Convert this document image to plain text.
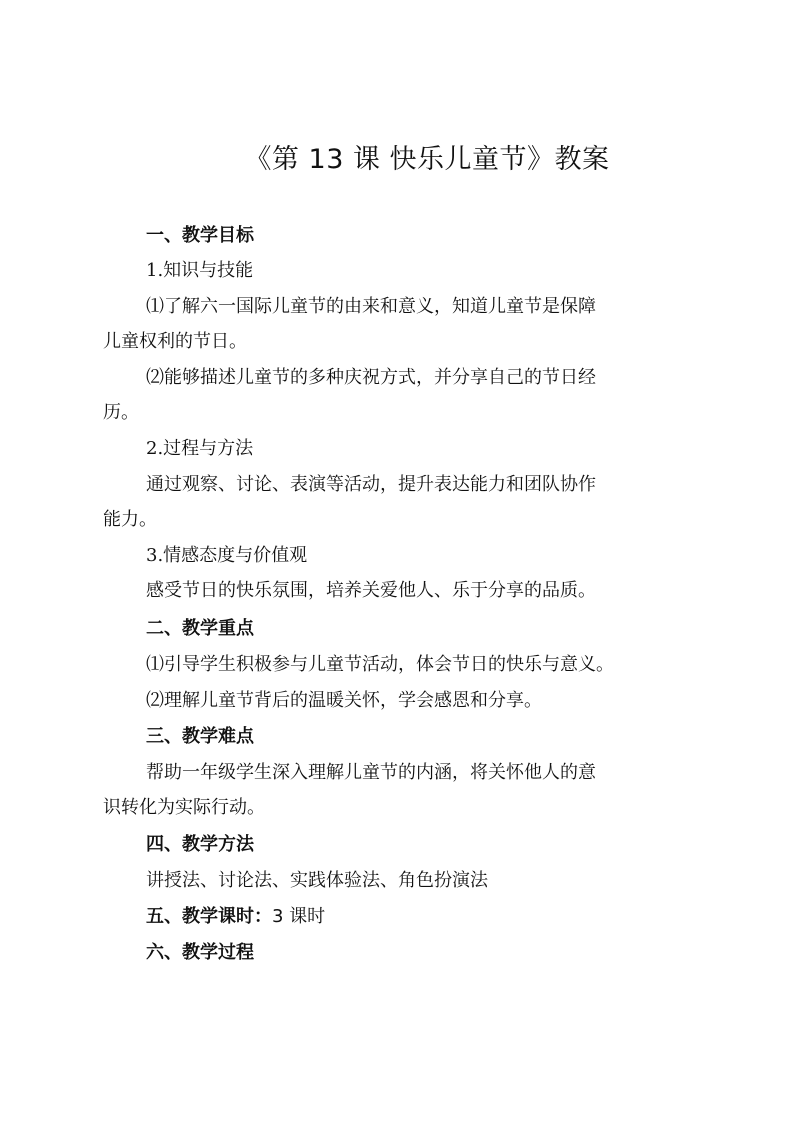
《第 13 课 快乐儿童节》教案
一、教学目标
1.知识与技能
⑴了解六一国际儿童节的由来和意义，知道儿童节是保障
儿童权利的节日。
⑵能够描述儿童节的多种庆祝方式，并分享自己的节日经
历。
2.过程与方法
通过观察、讨论、表演等活动，提升表达能力和团队协作
能力。
3.情感态度与价值观
感受节日的快乐氛围，培养关爱他人、乐于分享的品质。
二、教学重点
⑴引导学生积极参与儿童节活动，体会节日的快乐与意义。
⑵理解儿童节背后的温暖关怀，学会感恩和分享。
三、教学难点
帮助一年级学生深入理解儿童节的内涵，将关怀他人的意
识转化为实际行动。
四、教学方法
讲授法、讨论法、实践体验法、角色扮演法
五、教学课时：3 课时
六、教学过程
